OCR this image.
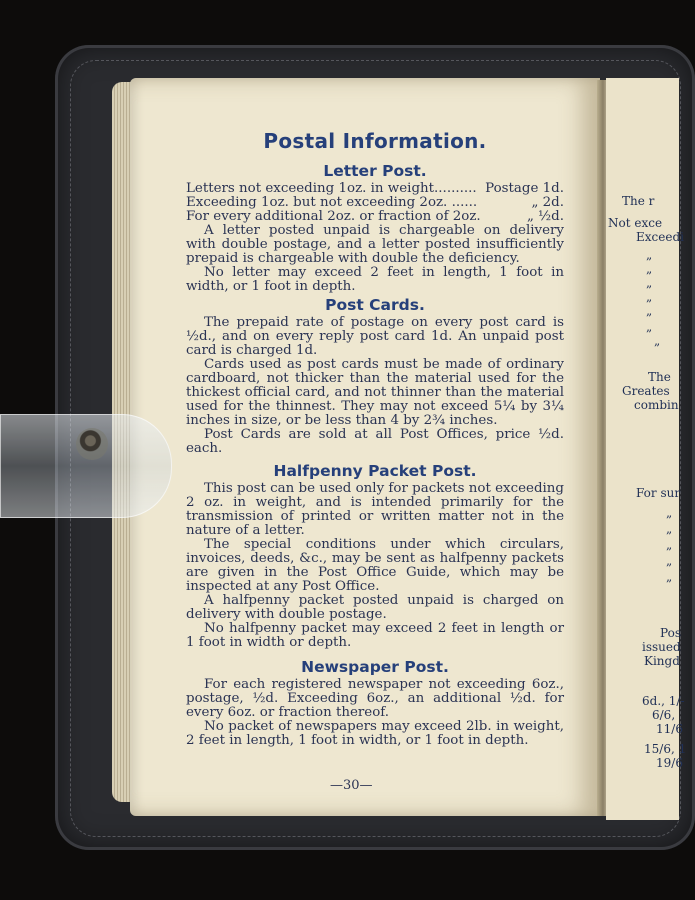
The r
Not exce
Exceedi
„
„
„
„
„
„
„
The
Greates
combin
For sur
„
„
„
„
„
Pos
issued
Kingd
6d., 1/-
6/6,
11/6
15/6, 1
19/6
Postal Information.
Letter Post.
Letters not exceeding 1oz. in weight.......... Postage 1d.
Exceeding 1oz. but not exceeding 2oz. ......	„ 2d.
For every additional 2oz. or fraction of 2oz.	„ ½d.

A letter posted unpaid is chargeable on delivery with double postage, and a letter posted insufficiently prepaid is chargeable with double the deficiency.

No letter may exceed 2 feet in length, 1 foot in width, or 1 foot in depth.

Post Cards.

The prepaid rate of postage on every post card is ½d., and on every reply post card 1d. An unpaid post card is charged 1d.

Cards used as post cards must be made of ordinary cardboard, not thicker than the material used for the thickest official card, and not thinner than the material used for the thinnest. They may not exceed 5¼ by 3¼ inches in size, or be less than 4 by 2¾ inches.

Post Cards are sold at all Post Offices, price ½d. each.

Halfpenny Packet Post.

This post can be used only for packets not exceeding 2 oz. in weight, and is intended primarily for the transmission of printed or written matter not in the nature of a letter.

The special conditions under which circulars, invoices, deeds, &c., may be sent as halfpenny packets are given in the Post Office Guide, which may be inspected at any Post Office.

A halfpenny packet posted unpaid is charged on delivery with double postage.

No halfpenny packet may exceed 2 feet in length or 1 foot in width or depth.

Newspaper Post.

For each registered newspaper not exceeding 6oz., postage, ½d. Exceeding 6oz., an additional ½d. for every 6oz. or fraction thereof.

No packet of newspapers may exceed 2lb. in weight, 2 feet in length, 1 foot in width, or 1 foot in depth.

—30—
